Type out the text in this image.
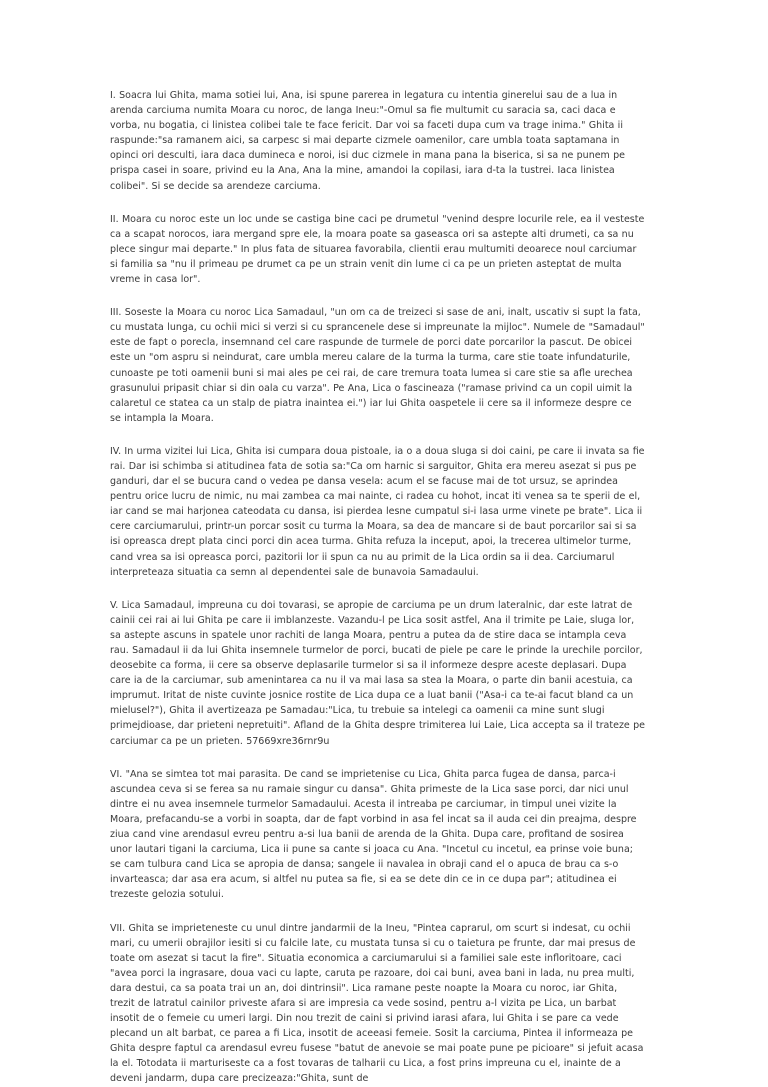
I. Soacra lui Ghita, mama sotiei lui, Ana, isi spune parerea in legatura cu intentia ginerelui sau de a lua in arenda carciuma numita Moara cu noroc, de langa Ineu:"-Omul sa fie multumit cu saracia sa, caci daca e vorba, nu bogatia, ci linistea colibei tale te face fericit. Dar voi sa faceti dupa cum va trage inima." Ghita ii raspunde:"sa ramanem aici, sa carpesc si mai departe cizmele oamenilor, care umbla toata saptamana in opinci ori desculti, iara daca dumineca e noroi, isi duc cizmele in mana pana la biserica, si sa ne punem pe prispa casei in soare, privind eu la Ana, Ana la mine, amandoi la copilasi, iara d-ta la tustrei. Iaca linistea colibei". Si se decide sa arendeze carciuma.

II. Moara cu noroc este un loc unde se castiga bine caci pe drumetul "venind despre locurile rele, ea il vesteste ca a scapat norocos, iara mergand spre ele, la moara poate sa gaseasca ori sa astepte alti drumeti, ca sa nu plece singur mai departe." In plus fata de situarea favorabila, clientii erau multumiti deoarece noul carciumar si familia sa "nu il primeau pe drumet ca pe un strain venit din lume ci ca pe un prieten asteptat de multa vreme in casa lor".

III. Soseste la Moara cu noroc Lica Samadaul, "un om ca de treizeci si sase de ani, inalt, uscativ si supt la fata, cu mustata lunga, cu ochii mici si verzi si cu sprancenele dese si impreunate la mijloc". Numele de "Samadaul" este de fapt o porecla, insemnand cel care raspunde de turmele de porci date porcarilor la pascut. De obicei este un "om aspru si neindurat, care umbla mereu calare de la turma la turma, care stie toate infundaturile, cunoaste pe toti oamenii buni si mai ales pe cei rai, de care tremura toata lumea si care stie sa afle urechea grasunului pripasit chiar si din oala cu varza". Pe Ana, Lica o fascineaza ("ramase privind ca un copil uimit la calaretul ce statea ca un stalp de piatra inaintea ei.") iar lui Ghita oaspetele ii cere sa il informeze despre ce se intampla la Moara.

IV. In urma vizitei lui Lica, Ghita isi cumpara doua pistoale, ia o a doua sluga si doi caini, pe care ii invata sa fie rai. Dar isi schimba si atitudinea fata de sotia sa:"Ca om harnic si sarguitor, Ghita era mereu asezat si pus pe ganduri, dar el se bucura cand o vedea pe dansa vesela: acum el se facuse mai de tot ursuz, se aprindea pentru orice lucru de nimic, nu mai zambea ca mai nainte, ci radea cu hohot, incat iti venea sa te sperii de el, iar cand se mai harjonea cateodata cu dansa, isi pierdea lesne cumpatul si-i lasa urme vinete pe brate". Lica ii cere carciumarului, printr-un porcar sosit cu turma la Moara, sa dea de mancare si de baut porcarilor sai si sa isi opreasca drept plata cinci porci din acea turma. Ghita refuza la inceput, apoi, la trecerea ultimelor turme, cand vrea sa isi opreasca porci, pazitorii lor ii spun ca nu au primit de la Lica ordin sa ii dea. Carciumarul interpreteaza situatia ca semn al dependentei sale de bunavoia Samadaului.

V. Lica Samadaul, impreuna cu doi tovarasi, se apropie de carciuma pe un drum lateralnic, dar este latrat de cainii cei rai ai lui Ghita pe care ii imblanzeste. Vazandu-l pe Lica sosit astfel, Ana il trimite pe Laie, sluga lor, sa astepte ascuns in spatele unor rachiti de langa Moara, pentru a putea da de stire daca se intampla ceva rau. Samadaul ii da lui Ghita insemnele turmelor de porci, bucati de piele pe care le prinde la urechile porcilor, deosebite ca forma, ii cere sa observe deplasarile turmelor si sa il informeze despre aceste deplasari. Dupa care ia de la carciumar, sub amenintarea ca nu il va mai lasa sa stea la Moara, o parte din banii acestuia, ca imprumut. Iritat de niste cuvinte josnice rostite de Lica dupa ce a luat banii ("Asa-i ca te-ai facut bland ca un mielusel?"), Ghita il avertizeaza pe Samadau:"Lica, tu trebuie sa intelegi ca oamenii ca mine sunt slugi primejdioase, dar prieteni nepretuiti". Afland de la Ghita despre trimiterea lui Laie, Lica accepta sa il trateze pe carciumar ca pe un prieten. 57669xre36rnr9u

VI. "Ana se simtea tot mai parasita. De cand se imprietenise cu Lica, Ghita parca fugea de dansa, parca-i ascundea ceva si se ferea sa nu ramaie singur cu dansa". Ghita primeste de la Lica sase porci, dar nici unul dintre ei nu avea insemnele turmelor Samadaului. Acesta il intreaba pe carciumar, in timpul unei vizite la Moara, prefacandu-se a vorbi in soapta, dar de fapt vorbind in asa fel incat sa il auda cei din preajma, despre ziua cand vine arendasul evreu pentru a-si lua banii de arenda de la Ghita. Dupa care, profitand de sosirea unor lautari tigani la carciuma, Lica ii pune sa cante si joaca cu Ana. "Incetul cu incetul, ea prinse voie buna; se cam tulbura cand Lica se apropia de dansa; sangele ii navalea in obraji cand el o apuca de brau ca s-o invarteasca; dar asa era acum, si altfel nu putea sa fie, si ea se dete din ce in ce dupa par"; atitudinea ei trezeste gelozia sotului.

VII. Ghita se imprieteneste cu unul dintre jandarmii de la Ineu, "Pintea caprarul, om scurt si indesat, cu ochii mari, cu umerii obrajilor iesiti si cu falcile late, cu mustata tunsa si cu o taietura pe frunte, dar mai presus de toate om asezat si tacut la fire". Situatia economica a carciumarului si a familiei sale este infloritoare, caci "avea porci la ingrasare, doua vaci cu lapte, caruta pe razoare, doi cai buni, avea bani in lada, nu prea multi, dara destui, ca sa poata trai un an, doi dintrinsii". Lica ramane peste noapte la Moara cu noroc, iar Ghita, trezit de latratul cainilor priveste afara si are impresia ca vede sosind, pentru a-l vizita pe Lica, un barbat insotit de o femeie cu umeri largi. Din nou trezit de caini si privind iarasi afara, lui Ghita i se pare ca vede plecand un alt barbat, ce parea a fi Lica, insotit de aceeasi femeie. Sosit la carciuma, Pintea il informeaza pe Ghita despre faptul ca arendasul evreu fusese "batut de anevoie se mai poate pune pe picioare" si jefuit acasa la el. Totodata ii marturiseste ca a fost tovaras de talharii cu Lica, a fost prins impreuna cu el, inainte de a deveni jandarm, dupa care precizeaza:"Ghita, sunt de
